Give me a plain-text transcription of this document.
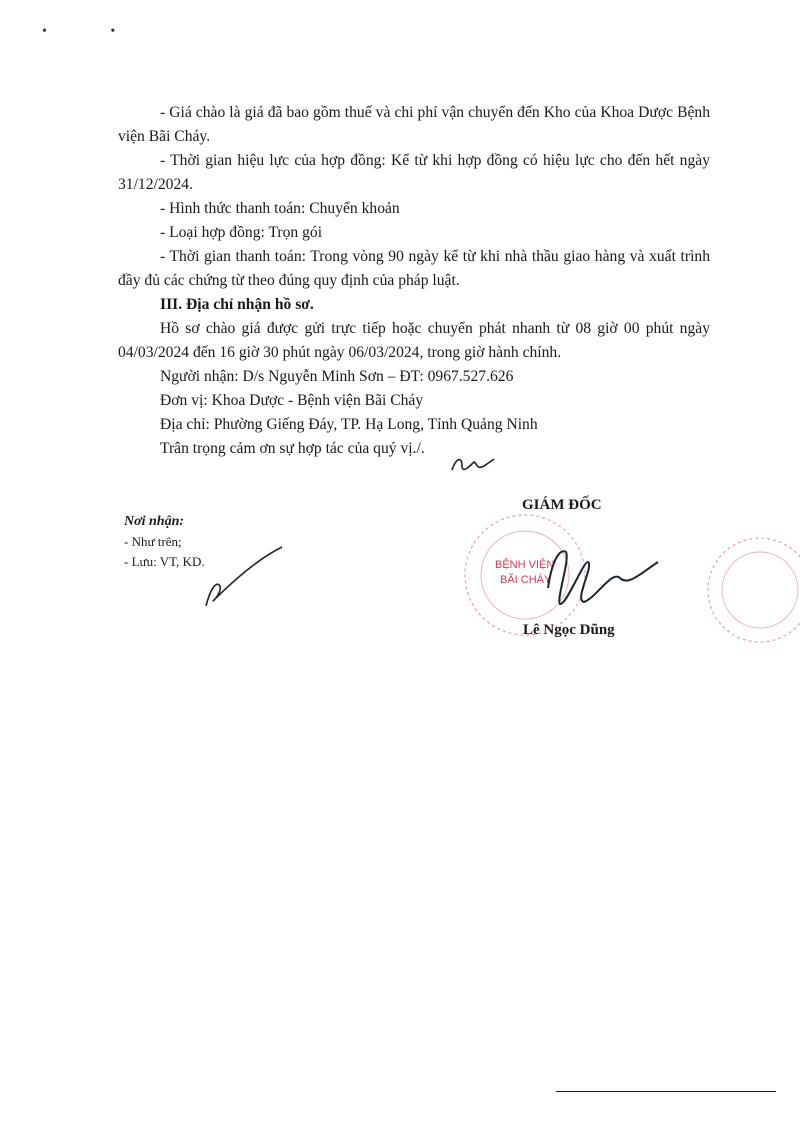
• •

- Giá chào là giá đã bao gồm thuế và chi phí vận chuyển đến Kho của Khoa Dược Bệnh viện Bãi Cháy.

- Thời gian hiệu lực của hợp đồng: Kể từ khi hợp đồng có hiệu lực cho đến hết ngày 31/12/2024.

- Hình thức thanh toán: Chuyển khoản

- Loại hợp đồng: Trọn gói

- Thời gian thanh toán: Trong vòng 90 ngày kể từ khi nhà thầu giao hàng và xuất trình đầy đủ các chứng từ theo đúng quy định của pháp luật.

III. Địa chỉ nhận hồ sơ.

Hồ sơ chào giá được gửi trực tiếp hoặc chuyển phát nhanh từ 08 giờ 00 phút ngày 04/03/2024 đến 16 giờ 30 phút ngày 06/03/2024, trong giờ hành chính.

Người nhận: D/s Nguyễn Minh Sơn – ĐT: 0967.527.626

Đơn vị: Khoa Dược - Bệnh viện Bãi Cháy

Địa chỉ: Phường Giếng Đáy, TP. Hạ Long, Tỉnh Quảng Ninh

Trân trọng cảm ơn sự hợp tác của quý vị./.

Nơi nhận:
- Như trên;
- Lưu: VT, KD.
GIÁM ĐỐC
Lê Ngọc Dũng
BỆNH VIỆN
BÃI CHÁY
